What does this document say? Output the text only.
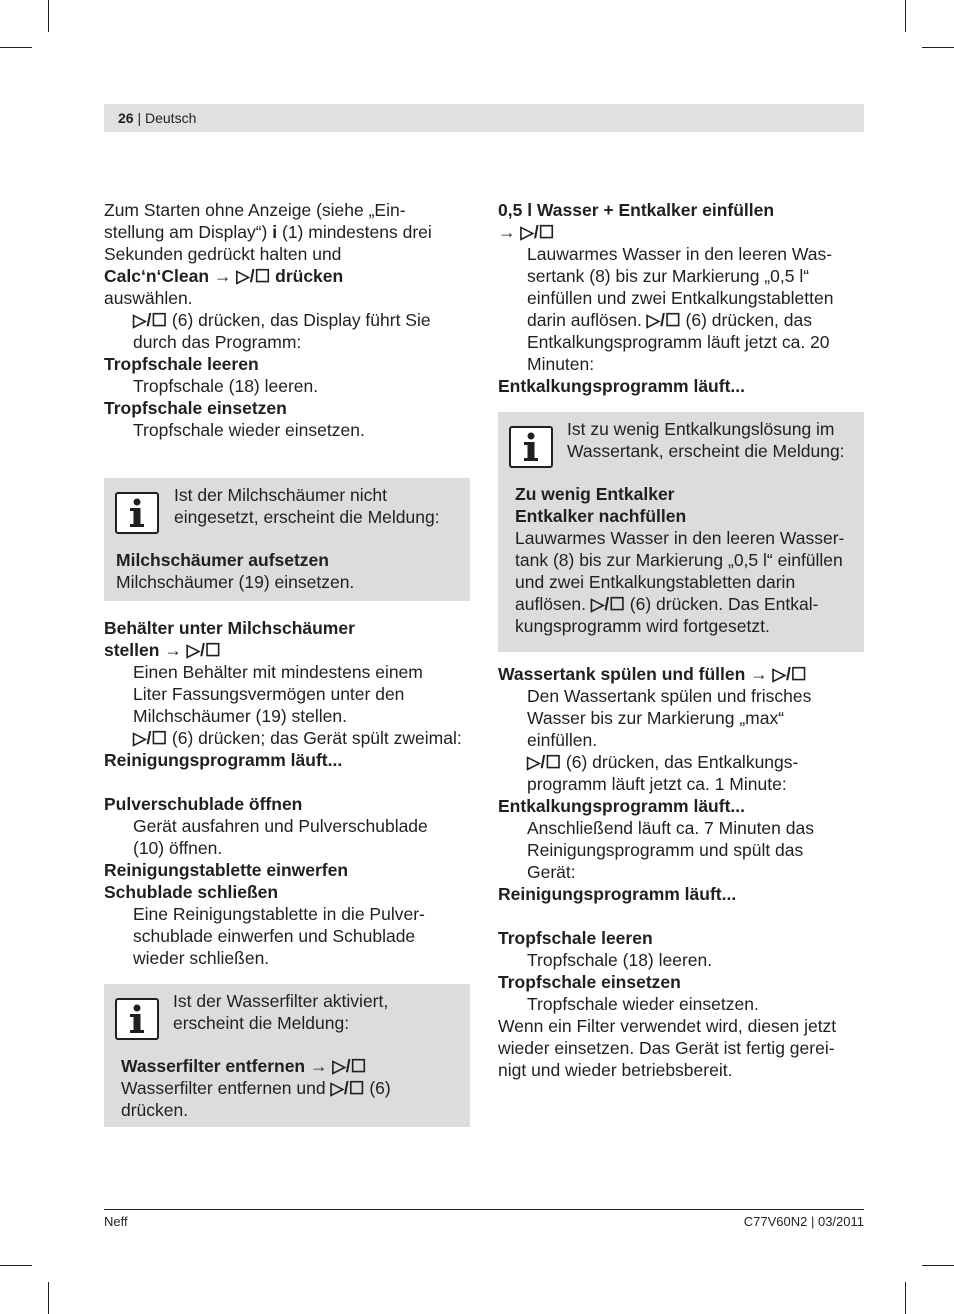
26 | Deutsch
Zum Starten ohne Anzeige (siehe „Ein-
stellung am Display“) i (1) mindestens drei
Sekunden gedrückt halten und
Calc‘n‘Clean → ▷/☐ drücken
auswählen.
▷/☐ (6) drücken, das Display führt Sie
durch das Programm:
Tropfschale leeren
Tropfschale (18) leeren.
Tropfschale einsetzen
Tropfschale wieder einsetzen.
Ist der Milchschäumer nicht
eingesetzt, erscheint die Meldung:
Milchschäumer aufsetzen
Milchschäumer (19) einsetzen.
Behälter unter Milchschäumer
stellen → ▷/☐
Einen Behälter mit mindestens einem
Liter Fassungsvermögen unter den
Milchschäumer (19) stellen.
▷/☐ (6) drücken; das Gerät spült zweimal:
Reinigungsprogramm läuft...
Pulverschublade öffnen
Gerät ausfahren und Pulverschublade
(10) öffnen.
Reinigungstablette einwerfen
Schublade schließen
Eine Reinigungstablette in die Pulver-
schublade einwerfen und Schublade
wieder schließen.
Ist der Wasserfilter aktiviert,
erscheint die Meldung:
Wasserfilter entfernen → ▷/☐
Wasserfilter entfernen und ▷/☐ (6)
drücken.
0,5 l Wasser + Entkalker einfüllen
→ ▷/☐
Lauwarmes Wasser in den leeren Was-
sertank (8) bis zur Markierung „0,5 l“
einfüllen und zwei Entkalkungstabletten
darin auflösen. ▷/☐ (6) drücken, das
Entkalkungsprogramm läuft jetzt ca. 20
Minuten:
Entkalkungsprogramm läuft...
Ist zu wenig Entkalkungslösung im
Wassertank, erscheint die Meldung:
Zu wenig Entkalker
Entkalker nachfüllen
Lauwarmes Wasser in den leeren Wasser-
tank (8) bis zur Markierung „0,5 l“ einfüllen
und zwei Entkalkungstabletten darin
auflösen. ▷/☐ (6) drücken. Das Entkal-
kungsprogramm wird fortgesetzt.
Wassertank spülen und füllen → ▷/☐
Den Wassertank spülen und frisches
Wasser bis zur Markierung „max“
einfüllen.
▷/☐ (6) drücken, das Entkalkungs-
programm läuft jetzt ca. 1 Minute:
Entkalkungsprogramm läuft...
Anschließend läuft ca. 7 Minuten das
Reinigungsprogramm und spült das
Gerät:
Reinigungsprogramm läuft...
Tropfschale leeren
Tropfschale (18) leeren.
Tropfschale einsetzen
Tropfschale wieder einsetzen.
Wenn ein Filter verwendet wird, diesen jetzt
wieder einsetzen. Das Gerät ist fertig gerei-
nigt und wieder betriebsbereit.
Neff	C77V60N2 | 03/2011
